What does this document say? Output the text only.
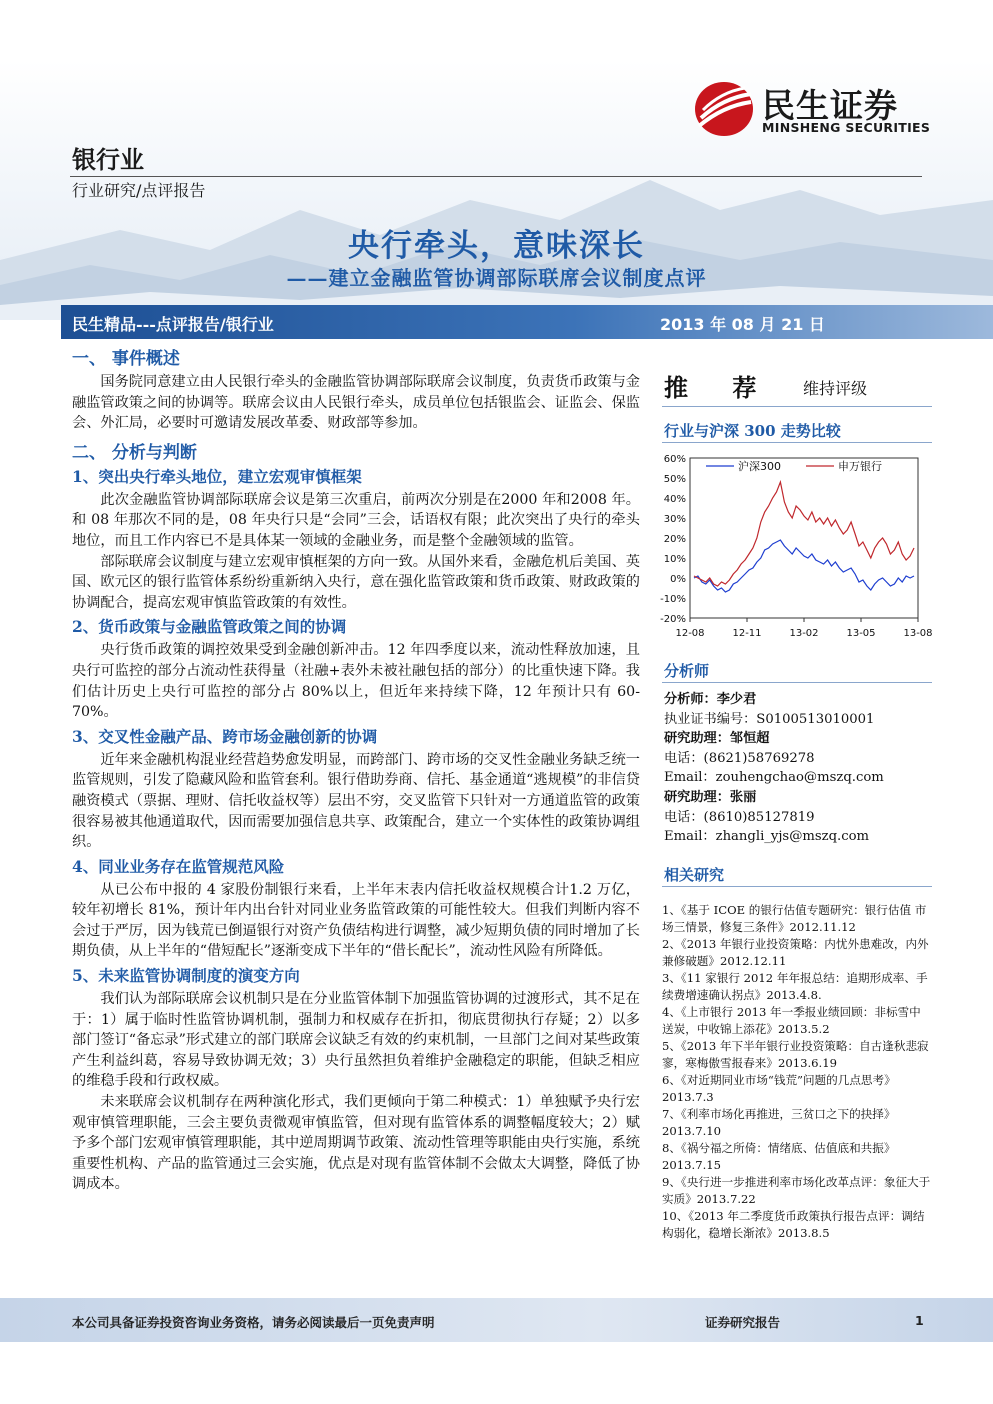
民生证券
MINSHENG SECURITIES
银行业
行业研究/点评报告
央行牵头，意味深长
——建立金融监管协调部际联席会议制度点评
民生精品---点评报告/银行业	2013 年 08 月 21 日
一、 事件概述
国务院同意建立由人民银行牵头的金融监管协调部际联席会议制度，负责货币政策与金融监管政策之间的协调等。联席会议由人民银行牵头，成员单位包括银监会、证监会、保监会、外汇局，必要时可邀请发展改革委、财政部等参加。
二、 分析与判断
1、突出央行牵头地位，建立宏观审慎框架
此次金融监管协调部际联席会议是第三次重启，前两次分别是在2000 年和2008 年。和 08 年那次不同的是，08 年央行只是“会同”三会，话语权有限；此次突出了央行的牵头地位，而且工作内容已不是具体某一领域的金融业务，而是整个金融领域的监管。
部际联席会议制度与建立宏观审慎框架的方向一致。从国外来看，金融危机后美国、英国、欧元区的银行监管体系纷纷重新纳入央行，意在强化监管政策和货币政策、财政政策的协调配合，提高宏观审慎监管政策的有效性。
2、货币政策与金融监管政策之间的协调
央行货币政策的调控效果受到金融创新冲击。12 年四季度以来，流动性释放加速，且央行可监控的部分占流动性获得量（社融+表外未被社融包括的部分）的比重快速下降。我们估计历史上央行可监控的部分占 80%以上，但近年来持续下降，12 年预计只有 60-70%。
3、交叉性金融产品、跨市场金融创新的协调
近年来金融机构混业经营趋势愈发明显，而跨部门、跨市场的交叉性金融业务缺乏统一监管规则，引发了隐藏风险和监管套利。银行借助券商、信托、基金通道“逃规模”的非信贷融资模式（票据、理财、信托收益权等）层出不穷，交叉监管下只针对一方通道监管的政策很容易被其他通道取代，因而需要加强信息共享、政策配合，建立一个实体性的政策协调组织。
4、同业业务存在监管规范风险
从已公布中报的 4 家股份制银行来看，上半年末表内信托收益权规模合计1.2 万亿，较年初增长 81%，预计年内出台针对同业业务监管政策的可能性较大。但我们判断内容不会过于严厉，因为钱荒已倒逼银行对资产负债结构进行调整，减少短期负债的同时增加了长期负债，从上半年的“借短配长”逐渐变成下半年的“借长配长”，流动性风险有所降低。
5、未来监管协调制度的演变方向
我们认为部际联席会议机制只是在分业监管体制下加强监管协调的过渡形式，其不足在于：1）属于临时性监管协调机制，强制力和权威存在折扣，彻底贯彻执行存疑；2）以多部门签订“备忘录”形式建立的部门联席会议缺乏有效的约束机制，一旦部门之间对某些政策产生利益纠葛，容易导致协调无效；3）央行虽然担负着维护金融稳定的职能，但缺乏相应的维稳手段和行政权威。
未来联席会议机制存在两种演化形式，我们更倾向于第二种模式：1）单独赋予央行宏观审慎管理职能，三会主要负责微观审慎监管，但对现有监管体系的调整幅度较大；2）赋予多个部门宏观审慎管理职能，其中逆周期调节政策、流动性管理等职能由央行实施，系统重要性机构、产品的监管通过三会实施，优点是对现有监管体制不会做太大调整，降低了协调成本。
推 荐 维持评级
行业与沪深 300 走势比较
60%
50%
40%
30%
20%
10%
0%
-10%
-20%
12-08	12-11	13-02	13-05	13-08
沪深300	申万银行
分析师
分析师：李少君
执业证书编号：S0100513010001
研究助理：邹恒超
电话：(8621)58769278
Email：zouhengchao@mszq.com
研究助理：张丽
电话：(8610)85127819
Email：zhangli_yjs@mszq.com
相关研究
1、《基于 ICOE 的银行估值专题研究：银行估值 市场三情景，修复三条件》2012.11.12
2、《2013 年银行业投资策略：内忧外患难改，内外兼修破题》2012.12.11
3、《11 家银行 2012 年年报总结：追期形成率、手续费增速确认拐点》2013.4.8.
4、《上市银行 2013 年一季报业绩回顾：非标雪中送炭，中收锦上添花》2013.5.2
5、《2013 年下半年银行业投资策略：自古逢秋悲寂寥，寒梅傲雪报春来》2013.6.19
6、《对近期同业市场“钱荒”问题的几点思考》2013.7.3
7、《利率市场化再推进，三贫口之下的抉择》2013.7.10
8、《祸兮福之所倚：情绪底、估值底和共振》2013.7.15
9、《央行进一步推进利率市场化改革点评：象征大于实质》2013.7.22
10、《2013 年二季度货币政策执行报告点评：调结构弱化，稳增长渐浓》2013.8.5
本公司具备证券投资咨询业务资格，请务必阅读最后一页免责声明	证券研究报告	1
